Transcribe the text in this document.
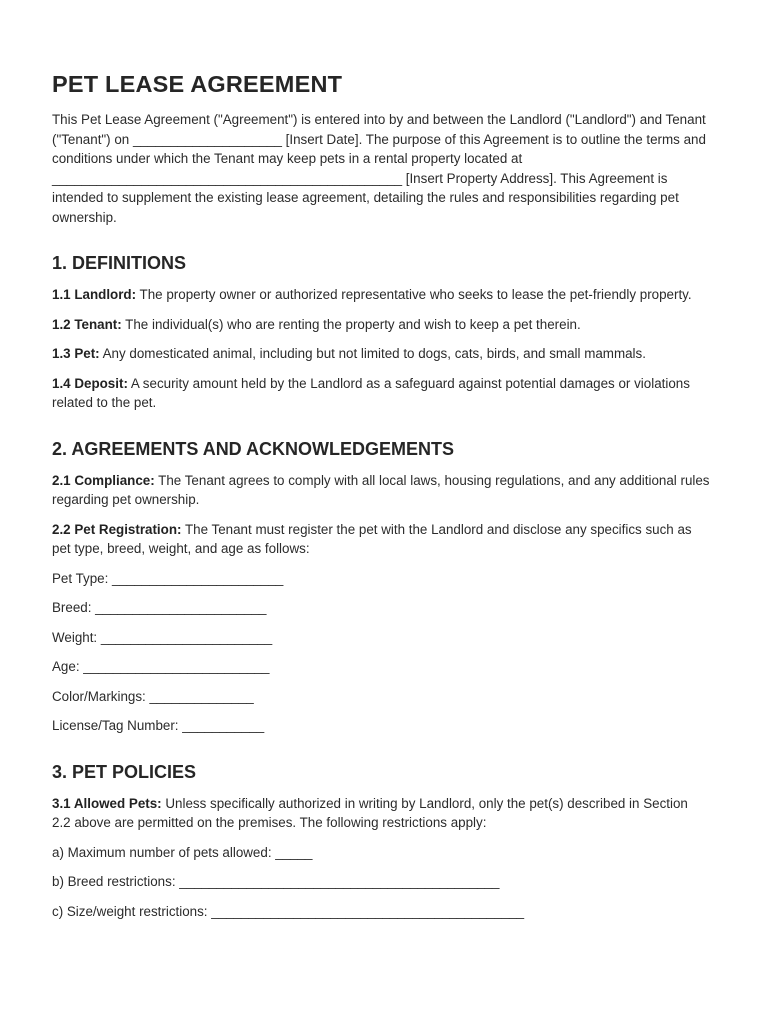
PET LEASE AGREEMENT

This Pet Lease Agreement ("Agreement") is entered into by and between the Landlord ("Landlord") and Tenant ("Tenant") on ____________________ [Insert Date]. The purpose of this Agreement is to outline the terms and conditions under which the Tenant may keep pets in a rental property located at _______________________________________________ [Insert Property Address]. This Agreement is intended to supplement the existing lease agreement, detailing the rules and responsibilities regarding pet ownership.

1. DEFINITIONS

1.1 Landlord: The property owner or authorized representative who seeks to lease the pet-friendly property.

1.2 Tenant: The individual(s) who are renting the property and wish to keep a pet therein.

1.3 Pet: Any domesticated animal, including but not limited to dogs, cats, birds, and small mammals.

1.4 Deposit: A security amount held by the Landlord as a safeguard against potential damages or violations related to the pet.

2. AGREEMENTS AND ACKNOWLEDGEMENTS

2.1 Compliance: The Tenant agrees to comply with all local laws, housing regulations, and any additional rules regarding pet ownership.

2.2 Pet Registration: The Tenant must register the pet with the Landlord and disclose any specifics such as pet type, breed, weight, and age as follows:

Pet Type: _______________________

Breed: _______________________

Weight: _______________________

Age: _________________________

Color/Markings: ______________

License/Tag Number: ___________

3. PET POLICIES

3.1 Allowed Pets: Unless specifically authorized in writing by Landlord, only the pet(s) described in Section 2.2 above are permitted on the premises. The following restrictions apply:

a) Maximum number of pets allowed: _____

b) Breed restrictions: ___________________________________________

c) Size/weight restrictions: __________________________________________
